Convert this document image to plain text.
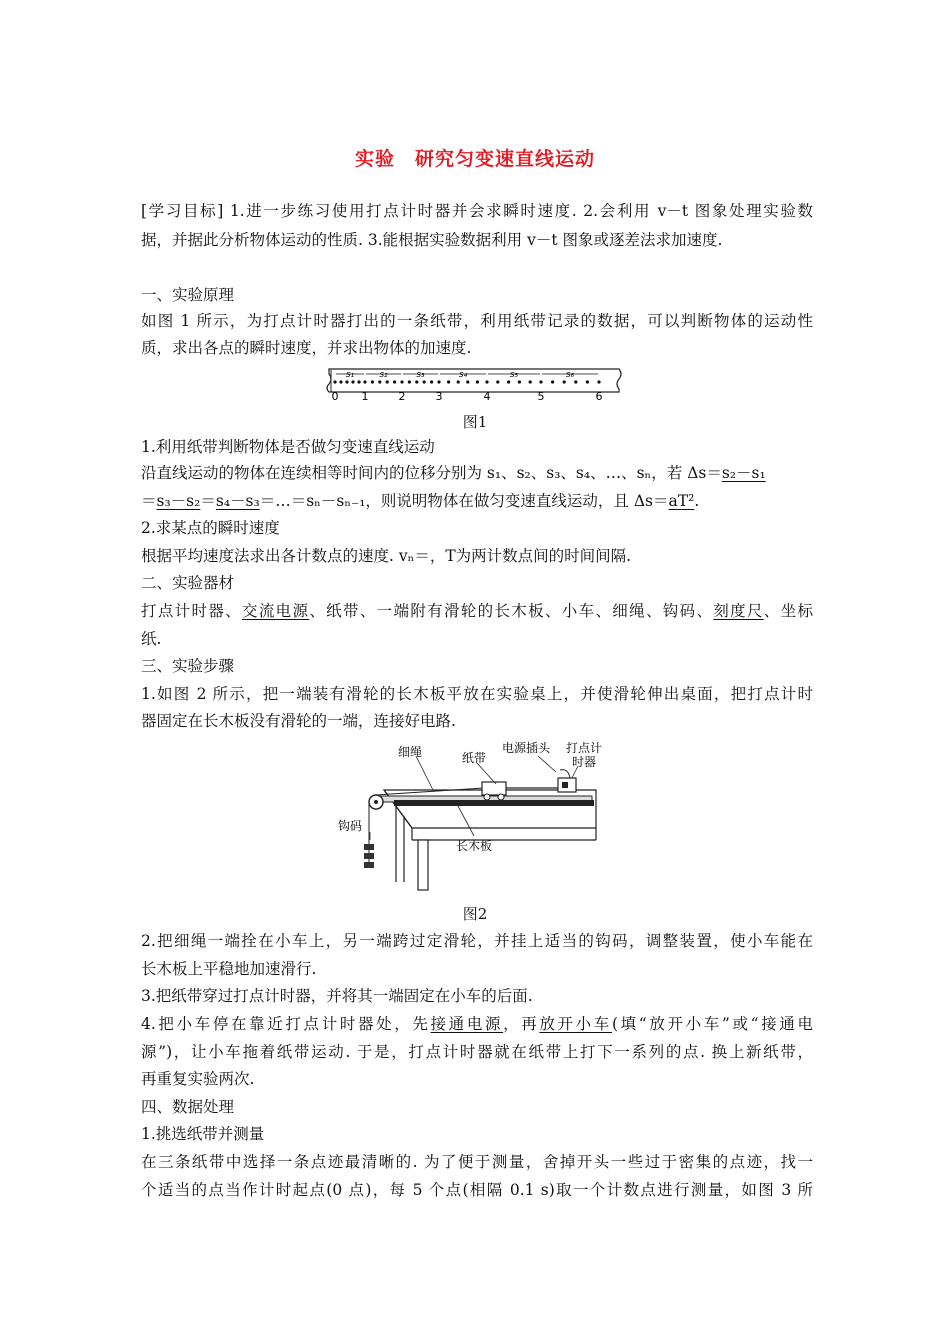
实验　研究匀变速直线运动
[学习目标] 1.进一步练习使用打点计时器并会求瞬时速度. 2.会利用 v－t 图象处理实验数
据，并据此分析物体运动的性质. 3.能根据实验数据利用 v－t 图象或逐差法求加速度.
一、实验原理
如图 1 所示，为打点计时器打出的一条纸带，利用纸带记录的数据，可以判断物体的运动性
质，求出各点的瞬时速度，并求出物体的加速度.
s₁	s₂	s₃	s₄	s₅	s₆
0 1	2	3	4	5	6
图1
1.利用纸带判断物体是否做匀变速直线运动
沿直线运动的物体在连续相等时间内的位移分别为 s₁、s₂、s₃、s₄、…、sₙ，若 Δs＝s₂－s₁
＝s₃－s₂＝s₄－s₃＝…＝sₙ－sₙ₋₁，则说明物体在做匀变速直线运动，且 Δs＝aT².
2.求某点的瞬时速度
根据平均速度法求出各计数点的速度. vₙ＝，T为两计数点间的时间间隔.
二、实验器材
打点计时器、交流电源、纸带、一端附有滑轮的长木板、小车、细绳、钩码、刻度尺、坐标
纸.
三、实验步骤
1.如图 2 所示，把一端装有滑轮的长木板平放在实验桌上，并使滑轮伸出桌面，把打点计时
器固定在长木板没有滑轮的一端，连接好电路.
细绳	纸带
电源插头 打点计
时器
钩码
长木板
图2
2.把细绳一端拴在小车上，另一端跨过定滑轮，并挂上适当的钩码，调整装置，使小车能在
长木板上平稳地加速滑行.
3.把纸带穿过打点计时器，并将其一端固定在小车的后面.
4.把小车停在靠近打点计时器处，先接通电源，再放开小车(填“放开小车”或“接通电
源”)，让小车拖着纸带运动. 于是，打点计时器就在纸带上打下一系列的点. 换上新纸带，
再重复实验两次.
四、数据处理
1.挑选纸带并测量
在三条纸带中选择一条点迹最清晰的. 为了便于测量，舍掉开头一些过于密集的点迹，找一
个适当的点当作计时起点(0 点)，每 5 个点(相隔 0.1 s)取一个计数点进行测量，如图 3 所
